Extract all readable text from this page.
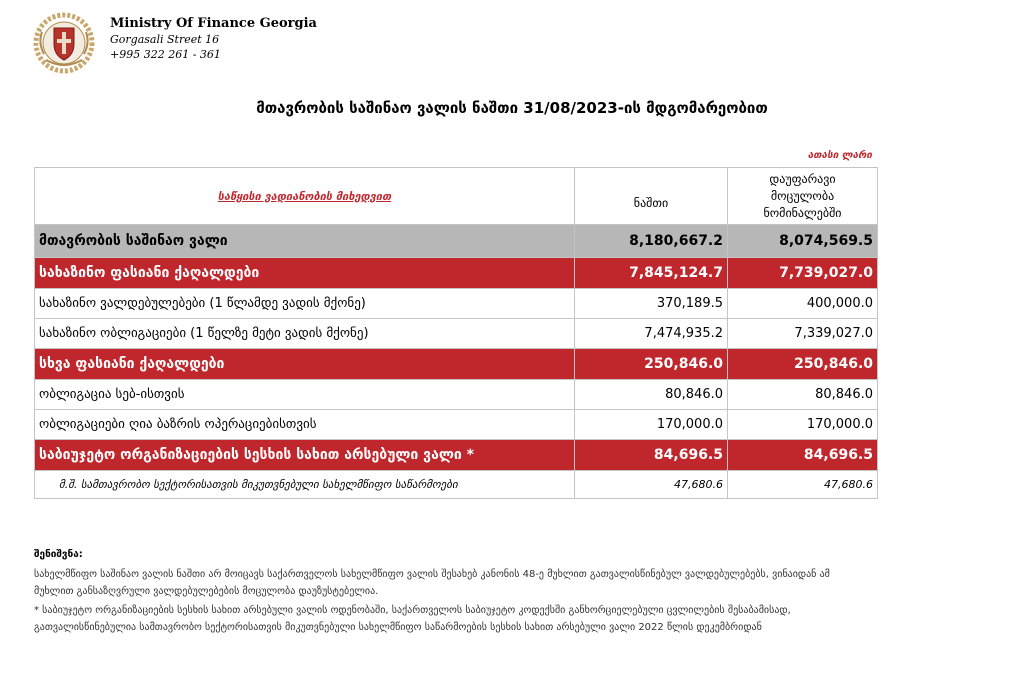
Ministry Of Finance Georgia
Gorgasali Street 16
+995 322 261 - 361
მთავრობის საშინაო ვალის ნაშთი 31/08/2023-ის მდგომარეობით
ათასი ლარი
საწყისი ვადიანობის მიხედვით	ნაშთი	დაუფარავი
მოცულობა
ნომინალებში

მთავრობის საშინაო ვალი	8,180,667.2	8,074,569.5
სახაზინო ფასიანი ქაღალდები	7,845,124.7	7,739,027.0
სახაზინო ვალდებულებები (1 წლამდე ვადის მქონე)	370,189.5	400,000.0
სახაზინო ობლიგაციები (1 წელზე მეტი ვადის მქონე)	7,474,935.2	7,339,027.0
სხვა ფასიანი ქაღალდები	250,846.0	250,846.0
ობლიგაცია სებ-ისთვის	80,846.0	80,846.0
ობლიგაციები ღია ბაზრის ოპერაციებისთვის	170,000.0	170,000.0
საბიუჯეტო ორგანიზაციების სესხის სახით არსებული ვალი *	84,696.5	84,696.5
მ.შ. სამთავრობო სექტორისათვის მიკუთვნებული სახელმწიფო საწარმოები	47,680.6	47,680.6
შენიშვნა:

სახელმწიფო საშინაო ვალის ნაშთი არ მოიცავს საქართველოს სახელმწიფო ვალის შესახებ კანონის 48-ე მუხლით გათვალისწინებულ ვალდებულებებს, ვინაიდან ამ მუხლით განსაზღვრული ვალდებულებების მოცულობა დაუზუსტებელია.

* საბიუჯეტო ორგანიზაციების სესხის სახით არსებული ვალის ოდენობაში, საქართველოს საბიუჯეტო კოდექსში განხორციელებული ცვლილების შესაბამისად, გათვალისწინებულია სამთავრობო სექტორისათვის მიკუთვნებული სახელმწიფო საწარმოების სესხის სახით არსებული ვალი 2022 წლის დეკემბრიდან
